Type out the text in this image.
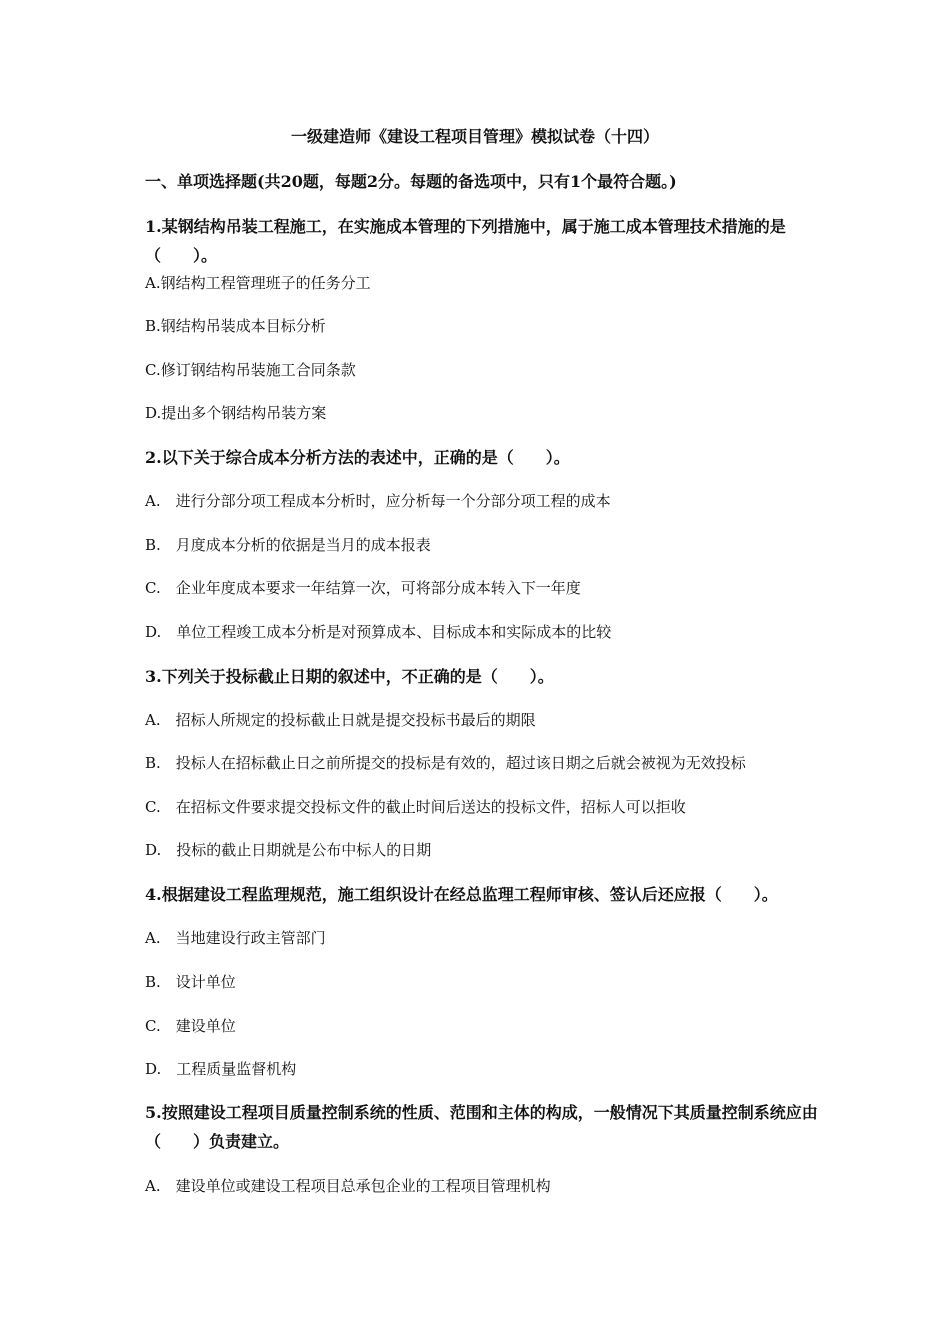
一级建造师《建设工程项目管理》模拟试卷（十四）
一、单项选择题(共20题，每题2分。每题的备选项中，只有1个最符合题。)
1.某钢结构吊装工程施工，在实施成本管理的下列措施中，属于施工成本管理技术措施的是（　　）。
A.钢结构工程管理班子的任务分工
B.钢结构吊装成本目标分析
C.修订钢结构吊装施工合同条款
D.提出多个钢结构吊装方案
2.以下关于综合成本分析方法的表述中，正确的是（　　）。
A.　进行分部分项工程成本分析时，应分析每一个分部分项工程的成本
B.　月度成本分析的依据是当月的成本报表
C.　企业年度成本要求一年结算一次，可将部分成本转入下一年度
D.　单位工程竣工成本分析是对预算成本、目标成本和实际成本的比较
3.下列关于投标截止日期的叙述中，不正确的是（　　）。
A.　招标人所规定的投标截止日就是提交投标书最后的期限
B.　投标人在招标截止日之前所提交的投标是有效的，超过该日期之后就会被视为无效投标
C.　在招标文件要求提交投标文件的截止时间后送达的投标文件，招标人可以拒收
D.　投标的截止日期就是公布中标人的日期
4.根据建设工程监理规范，施工组织设计在经总监理工程师审核、签认后还应报（　　）。
A.　当地建设行政主管部门
B.　设计单位
C.　建设单位
D.　工程质量监督机构
5.按照建设工程项目质量控制系统的性质、范围和主体的构成，一般情况下其质量控制系统应由（　　）负责建立。
A.　建设单位或建设工程项目总承包企业的工程项目管理机构
